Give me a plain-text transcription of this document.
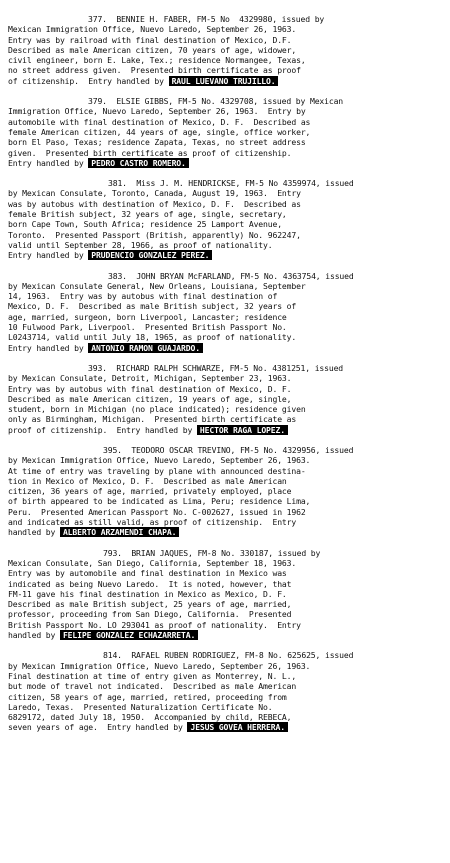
377.  BENNIE H. FABER, FM-5 No  4329980, issued by

Mexican Immigration Office, Nuevo Laredo, September 26, 1963.

Entry was by railroad with final destination of Mexico, D.F.

Described as male American citizen, 70 years of age, widower,

civil engineer, born E. Lake, Tex.; residence Normangee, Texas,

no street address given.  Presented birth certificate as proof

of citizenship.  Entry handled by RAUL LUEVANO TRUJILLO.

379.  ELSIE GIBBS, FM-5 No. 4329708, issued by Mexican

Immigration Office, Nuevo Laredo, September 26, 1963.  Entry by

automobile with final destination of Mexico, D. F.  Described as

female American citizen, 44 years of age, single, office worker,

born El Paso, Texas; residence Zapata, Texas, no street address

given.  Presented birth certificate as proof of citizenship.

Entry handled by PEDRO CASTRO ROMERO.

381.  Miss J. M. HENDRICKSE, FM-5 No 4359974, issued

by Mexican Consulate, Toronto, Canada, August 19, 1963.  Entry

was by autobus with destination of Mexico, D. F.  Described as

female British subject, 32 years of age, single, secretary,

born Cape Town, South Africa; residence 25 Lamport Avenue,

Toronto.  Presented Passport (British, apparently) No. 962247,

valid until September 28, 1966, as proof of nationality.

Entry handled by PRUDENCIO GONZALEZ PEREZ.

383.  JOHN BRYAN McFARLAND, FM-5 No. 4363754, issued

by Mexican Consulate General, New Orleans, Louisiana, September

14, 1963.  Entry was by autobus with final destination of

Mexico, D. F.  Described as male British subject, 32 years of

age, married, surgeon, born Liverpool, Lancaster; residence

10 Fulwood Park, Liverpool.  Presented British Passport No.

L0243714, valid until July 18, 1965, as proof of nationality.

Entry handled by ANTONIO RAMON GUAJARDO.

393.  RICHARD RALPH SCHWARZE, FM-5 No. 4381251, issued

by Mexican Consulate, Detroit, Michigan, September 23, 1963.

Entry was by autobus with final destination of Mexico, D. F.

Described as male American citizen, 19 years of age, single,

student, born in Michigan (no place indicated); residence given

only as Birmingham, Michigan.  Presented birth certificate as

proof of citizenship.  Entry handled by HECTOR RAGA LOPEZ.

395.  TEODORO OSCAR TREVINO, FM-5 No. 4329956, issued

by Mexican Immigration Office, Nuevo Laredo, September 26, 1963.

At time of entry was traveling by plane with announced destina-

tion in Mexico of Mexico, D. F.  Described as male American

citizen, 36 years of age, married, privately employed, place

of birth appeared to be indicated as Lima, Peru; residence Lima,

Peru.  Presented American Passport No. C-002627, issued in 1962

and indicated as still valid, as proof of citizenship.  Entry

handled by ALBERTO ARZAMENDI CHAPA.

793.  BRIAN JAQUES, FM-8 No. 330187, issued by

Mexican Consulate, San Diego, California, September 18, 1963.

Entry was by automobile and final destination in Mexico was

indicated as being Nuevo Laredo.  It is noted, however, that

FM-11 gave his final destination in Mexico as Mexico, D. F.

Described as male British subject, 25 years of age, married,

professor, proceeding from San Diego, California.  Presented

British Passport No. LO 293041 as proof of nationality.  Entry

handled by FELIPE GONZALEZ ECHAZARRETA.

814.  RAFAEL RUBEN RODRIGUEZ, FM-8 No. 625625, issued

by Mexican Immigration Office, Nuevo Laredo, September 26, 1963.

Final destination at time of entry given as Monterrey, N. L.,

but mode of travel not indicated.  Described as male American

citizen, 58 years of age, married, retired, proceeding from

Laredo, Texas.  Presented Naturalization Certificate No.

6829172, dated July 18, 1950.  Accompanied by child, REBECA,

seven years of age.  Entry handled by JESUS GOVEA HERRERA.
